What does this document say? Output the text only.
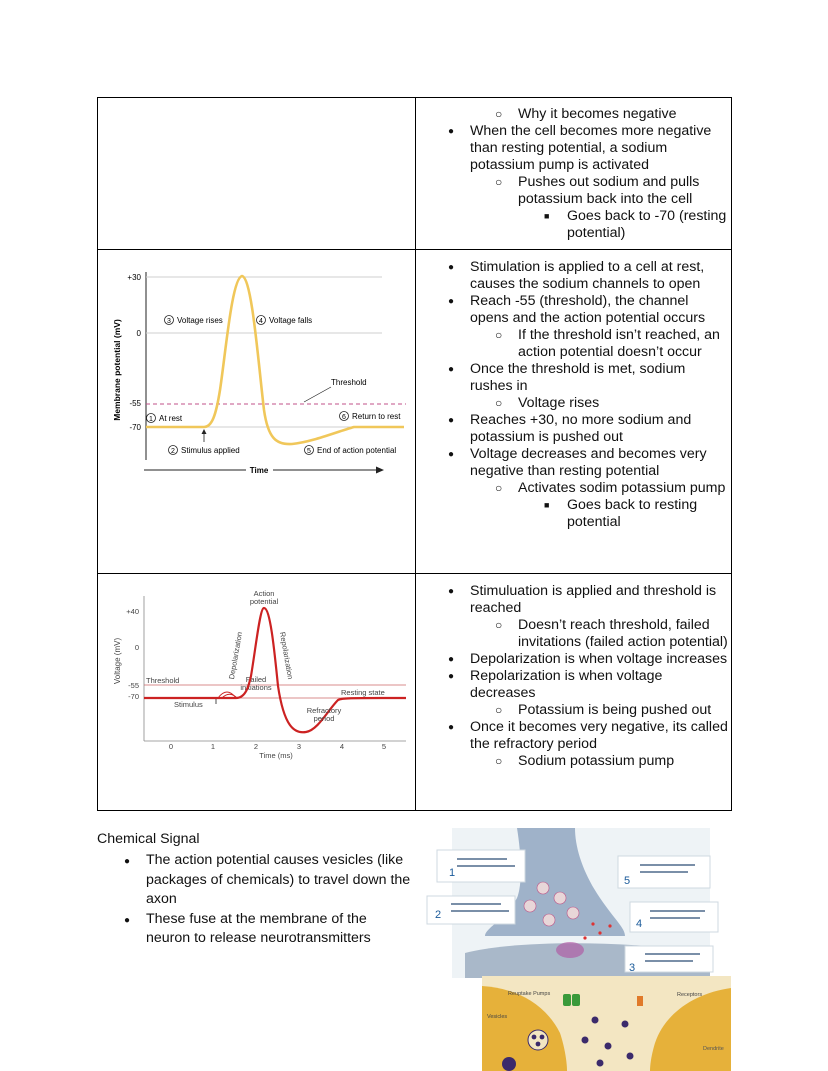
○ Why it becomes negative
● When the cell becomes more negative than resting potential, a sodium potassium pump is activated
○ Pushes out sodium and pulls potassium back into the cell
■ Goes back to -70 (resting potential)
Membrane potential (mV)
+30
0
-55
-70
3 Voltage rises	4 Voltage falls
Threshold
1 At rest	6 Return to rest
2 Stimulus applied	5 End of action potential
Time
● Stimulation is applied to a cell at rest, causes the sodium channels to open
● Reach -55 (threshold), the channel opens and the action potential occurs
○ If the threshold isn’t reached, an action potential doesn’t occur
● Once the threshold is met, sodium rushes in
○ Voltage rises
● Reaches +30, no more sodium and potassium is pushed out
● Voltage decreases and becomes very negative than resting potential
○ Activates sodim potassium pump
■ Goes back to resting potential
Voltage (mV)
+40
0
-55
-70
Threshold
Resting state
Stimulus
Failed
initiations
Action
potential
Depolarization	Repolarization
Refractory
period
0	1	2	3	4	5
Time (ms)
● Stimuluation is applied and threshold is reached
○ Doesn’t reach threshold, failed invitations (failed action potential)
● Depolarization is when voltage increases
● Repolarization is when voltage decreases
○ Potassium is being pushed out
● Once it becomes very negative, its called the refractory period
○ Sodium potassium pump
Chemical Signal
● The action potential causes vesicles (like packages of chemicals) to travel down the axon
● These fuse at the membrane of the neuron to release neurotransmitters
1
2
5
4
3
Reuptake Pumps
Vesicles
Receptors
Dendrite
